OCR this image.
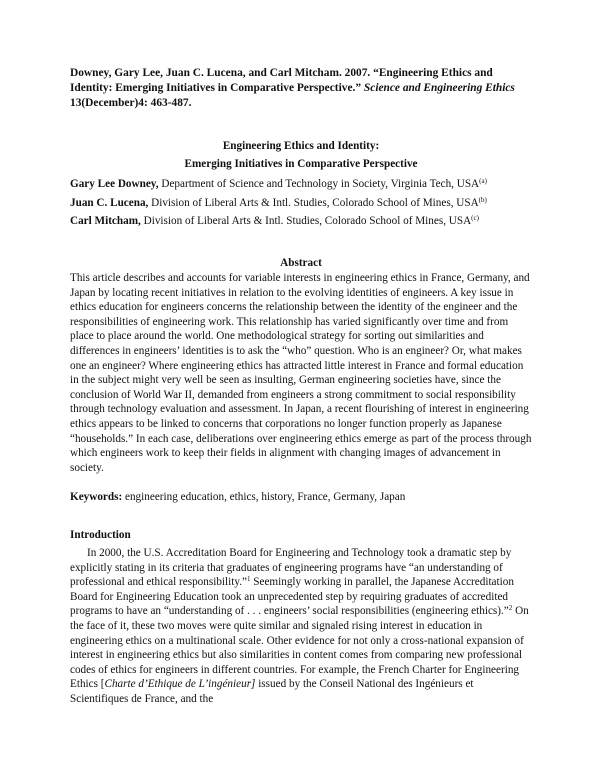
Downey, Gary Lee, Juan C. Lucena, and Carl Mitcham. 2007. “Engineering Ethics and Identity: Emerging Initiatives in Comparative Perspective.” Science and Engineering Ethics 13(December)4: 463-487.

Engineering Ethics and Identity:

Emerging Initiatives in Comparative Perspective

Gary Lee Downey, Department of Science and Technology in Society, Virginia Tech, USA$^{(a)}$
Juan C. Lucena, Division of Liberal Arts & Intl. Studies, Colorado School of Mines, USA$^{(b)}$
Carl Mitcham, Division of Liberal Arts & Intl. Studies, Colorado School of Mines, USA$^{(c)}$

Abstract

This article describes and accounts for variable interests in engineering ethics in France, Germany, and Japan by locating recent initiatives in relation to the evolving identities of engineers. A key issue in ethics education for engineers concerns the relationship between the identity of the engineer and the responsibilities of engineering work. This relationship has varied significantly over time and from place to place around the world. One methodological strategy for sorting out similarities and differences in engineers’ identities is to ask the “who” question. Who is an engineer? Or, what makes one an engineer? Where engineering ethics has attracted little interest in France and formal education in the subject might very well be seen as insulting, German engineering societies have, since the conclusion of World War II, demanded from engineers a strong commitment to social responsibility through technology evaluation and assessment. In Japan, a recent flourishing of interest in engineering ethics appears to be linked to concerns that corporations no longer function properly as Japanese “households.” In each case, deliberations over engineering ethics emerge as part of the process through which engineers work to keep their fields in alignment with changing images of advancement in society.

Keywords: engineering education, ethics, history, France, Germany, Japan

Introduction

In 2000, the U.S. Accreditation Board for Engineering and Technology took a dramatic step by explicitly stating in its criteria that graduates of engineering programs have “an understanding of professional and ethical responsibility.”$^1$ Seemingly working in parallel, the Japanese Accreditation Board for Engineering Education took an unprecedented step by requiring graduates of accredited programs to have an “understanding of . . . engineers’ social responsibilities (engineering ethics).”$^2$ On the face of it, these two moves were quite similar and signaled rising interest in education in engineering ethics on a multinational scale. Other evidence for not only a cross-national expansion of interest in engineering ethics but also similarities in content comes from comparing new professional codes of ethics for engineers in different countries. For example, the French Charter for Engineering Ethics [Charte d’Ethique de L’ingénieur] issued by the Conseil National des Ingénieurs et Scientifiques de France, and the
